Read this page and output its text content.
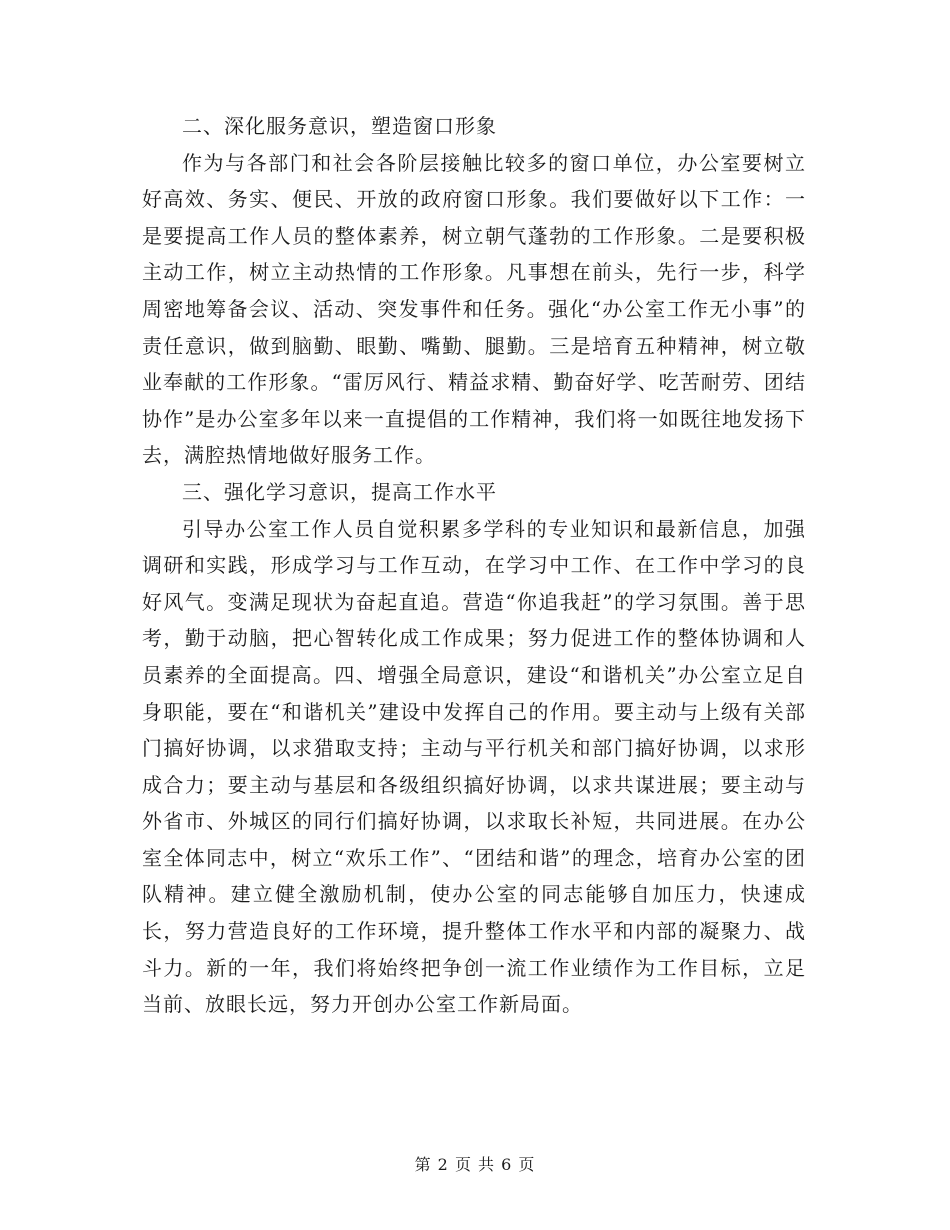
二、深化服务意识，塑造窗口形象

作为与各部门和社会各阶层接触比较多的窗口单位，办公室要树立好高效、务实、便民、开放的政府窗口形象。我们要做好以下工作：一是要提高工作人员的整体素养，树立朝气蓬勃的工作形象。二是要积极主动工作，树立主动热情的工作形象。凡事想在前头，先行一步，科学周密地筹备会议、活动、突发事件和任务。强化“办公室工作无小事”的责任意识，做到脑勤、眼勤、嘴勤、腿勤。三是培育五种精神，树立敬业奉献的工作形象。“雷厉风行、精益求精、勤奋好学、吃苦耐劳、团结协作”是办公室多年以来一直提倡的工作精神，我们将一如既往地发扬下去，满腔热情地做好服务工作。

三、强化学习意识，提高工作水平

引导办公室工作人员自觉积累多学科的专业知识和最新信息，加强调研和实践，形成学习与工作互动，在学习中工作、在工作中学习的良好风气。变满足现状为奋起直追。营造“你追我赶”的学习氛围。善于思考，勤于动脑，把心智转化成工作成果；努力促进工作的整体协调和人员素养的全面提高。四、增强全局意识，建设“和谐机关”办公室立足自身职能，要在“和谐机关”建设中发挥自己的作用。要主动与上级有关部门搞好协调，以求猎取支持；主动与平行机关和部门搞好协调，以求形成合力；要主动与基层和各级组织搞好协调，以求共谋进展；要主动与外省市、外城区的同行们搞好协调，以求取长补短，共同进展。在办公室全体同志中，树立“欢乐工作”、“团结和谐”的理念，培育办公室的团队精神。建立健全激励机制，使办公室的同志能够自加压力，快速成长，努力营造良好的工作环境，提升整体工作水平和内部的凝聚力、战斗力。新的一年，我们将始终把争创一流工作业绩作为工作目标，立足当前、放眼长远，努力开创办公室工作新局面。

第 2 页 共 6 页
